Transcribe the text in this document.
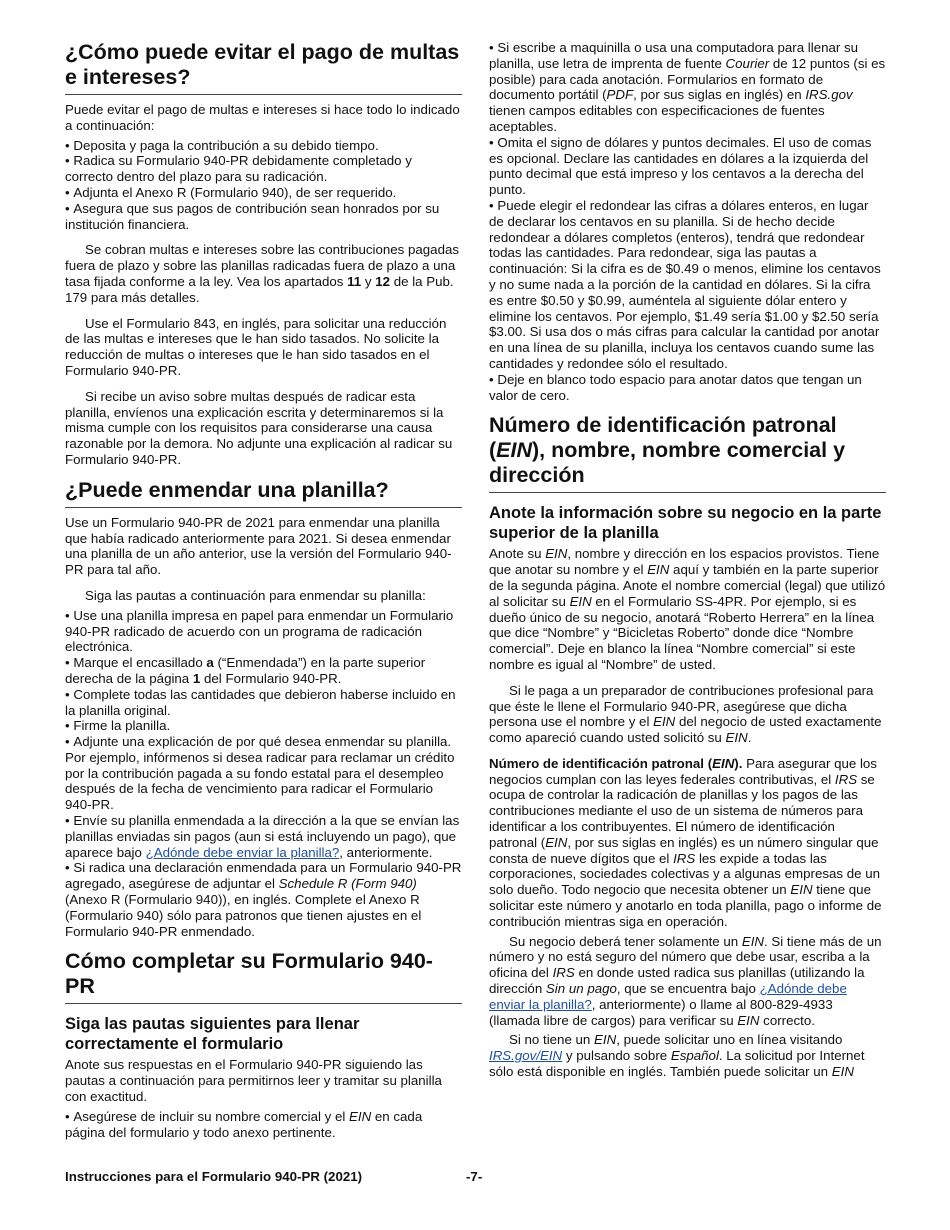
¿Cómo puede evitar el pago de multas e intereses?

Puede evitar el pago de multas e intereses si hace todo lo indicado a continuación:

• Deposita y paga la contribución a su debido tiempo.
• Radica su Formulario 940-PR debidamente completado y correcto dentro del plazo para su radicación.
• Adjunta el Anexo R (Formulario 940), de ser requerido.
• Asegura que sus pagos de contribución sean honrados por su institución financiera.

Se cobran multas e intereses sobre las contribuciones pagadas fuera de plazo y sobre las planillas radicadas fuera de plazo a una tasa fijada conforme a la ley. Vea los apartados 11 y 12 de la Pub. 179 para más detalles.

Use el Formulario 843, en inglés, para solicitar una reducción de las multas e intereses que le han sido tasados. No solicite la reducción de multas o intereses que le han sido tasados en el Formulario 940-PR.

Si recibe un aviso sobre multas después de radicar esta planilla, envíenos una explicación escrita y determinaremos si la misma cumple con los requisitos para considerarse una causa razonable por la demora. No adjunte una explicación al radicar su Formulario 940-PR.

¿Puede enmendar una planilla?

Use un Formulario 940-PR de 2021 para enmendar una planilla que había radicado anteriormente para 2021. Si desea enmendar una planilla de un año anterior, use la versión del Formulario 940-PR para tal año.

Siga las pautas a continuación para enmendar su planilla:

• Use una planilla impresa en papel para enmendar un Formulario 940-PR radicado de acuerdo con un programa de radicación electrónica.
• Marque el encasillado a (“Enmendada”) en la parte superior derecha de la página 1 del Formulario 940-PR.
• Complete todas las cantidades que debieron haberse incluido en la planilla original.
• Firme la planilla.
• Adjunte una explicación de por qué desea enmendar su planilla. Por ejemplo, infórmenos si desea radicar para reclamar un crédito por la contribución pagada a su fondo estatal para el desempleo después de la fecha de vencimiento para radicar el Formulario 940-PR.
• Envíe su planilla enmendada a la dirección a la que se envían las planillas enviadas sin pagos (aun si está incluyendo un pago), que aparece bajo ¿Adónde debe enviar la planilla?, anteriormente.
• Si radica una declaración enmendada para un Formulario 940-PR agregado, asegúrese de adjuntar el Schedule R (Form 940) (Anexo R (Formulario 940)), en inglés. Complete el Anexo R (Formulario 940) sólo para patronos que tienen ajustes en el Formulario 940-PR enmendado.
Cómo completar su Formulario 940-PR
Siga las pautas siguientes para llenar correctamente el formulario

Anote sus respuestas en el Formulario 940-PR siguiendo las pautas a continuación para permitirnos leer y tramitar su planilla con exactitud.

• Asegúrese de incluir su nombre comercial y el EIN en cada página del formulario y todo anexo pertinente.
• Si escribe a maquinilla o usa una computadora para llenar su planilla, use letra de imprenta de fuente Courier de 12 puntos (si es posible) para cada anotación. Formularios en formato de documento portátil (PDF, por sus siglas en inglés) en IRS.gov tienen campos editables con especificaciones de fuentes aceptables.
• Omita el signo de dólares y puntos decimales. El uso de comas es opcional. Declare las cantidades en dólares a la izquierda del punto decimal que está impreso y los centavos a la derecha del punto.
• Puede elegir el redondear las cifras a dólares enteros, en lugar de declarar los centavos en su planilla. Si de hecho decide redondear a dólares completos (enteros), tendrá que redondear todas las cantidades. Para redondear, siga las pautas a continuación: Si la cifra es de $0.49 o menos, elimine los centavos y no sume nada a la porción de la cantidad en dólares. Si la cifra es entre $0.50 y $0.99, auméntela al siguiente dólar entero y elimine los centavos. Por ejemplo, $1.49 sería $1.00 y $2.50 sería $3.00. Si usa dos o más cifras para calcular la cantidad por anotar en una línea de su planilla, incluya los centavos cuando sume las cantidades y redondee sólo el resultado.
• Deje en blanco todo espacio para anotar datos que tengan un valor de cero.
Número de identificación patronal (EIN), nombre, nombre comercial y dirección
Anote la información sobre su negocio en la parte superior de la planilla

Anote su EIN, nombre y dirección en los espacios provistos. Tiene que anotar su nombre y el EIN aquí y también en la parte superior de la segunda página. Anote el nombre comercial (legal) que utilizó al solicitar su EIN en el Formulario SS-4PR. Por ejemplo, si es dueño único de su negocio, anotará “Roberto Herrera” en la línea que dice “Nombre” y “Bicicletas Roberto” donde dice “Nombre comercial”. Deje en blanco la línea “Nombre comercial” si este nombre es igual al “Nombre” de usted.

Si le paga a un preparador de contribuciones profesional para que éste le llene el Formulario 940-PR, asegúrese que dicha persona use el nombre y el EIN del negocio de usted exactamente como apareció cuando usted solicitó su EIN.

Número de identificación patronal (EIN). Para asegurar que los negocios cumplan con las leyes federales contributivas, el IRS se ocupa de controlar la radicación de planillas y los pagos de las contribuciones mediante el uso de un sistema de números para identificar a los contribuyentes. El número de identificación patronal (EIN, por sus siglas en inglés) es un número singular que consta de nueve dígitos que el IRS les expide a todas las corporaciones, sociedades colectivas y a algunas empresas de un solo dueño. Todo negocio que necesita obtener un EIN tiene que solicitar este número y anotarlo en toda planilla, pago o informe de contribución mientras siga en operación.

Su negocio deberá tener solamente un EIN. Si tiene más de un número y no está seguro del número que debe usar, escriba a la oficina del IRS en donde usted radica sus planillas (utilizando la dirección Sin un pago, que se encuentra bajo ¿Adónde debe enviar la planilla?, anteriormente) o llame al 800-829-4933 (llamada libre de cargos) para verificar su EIN correcto.

Si no tiene un EIN, puede solicitar uno en línea visitando IRS.gov/EIN y pulsando sobre Español. La solicitud por Internet sólo está disponible en inglés. También puede solicitar un EIN

Instrucciones para el Formulario 940-PR (2021)	-7-
